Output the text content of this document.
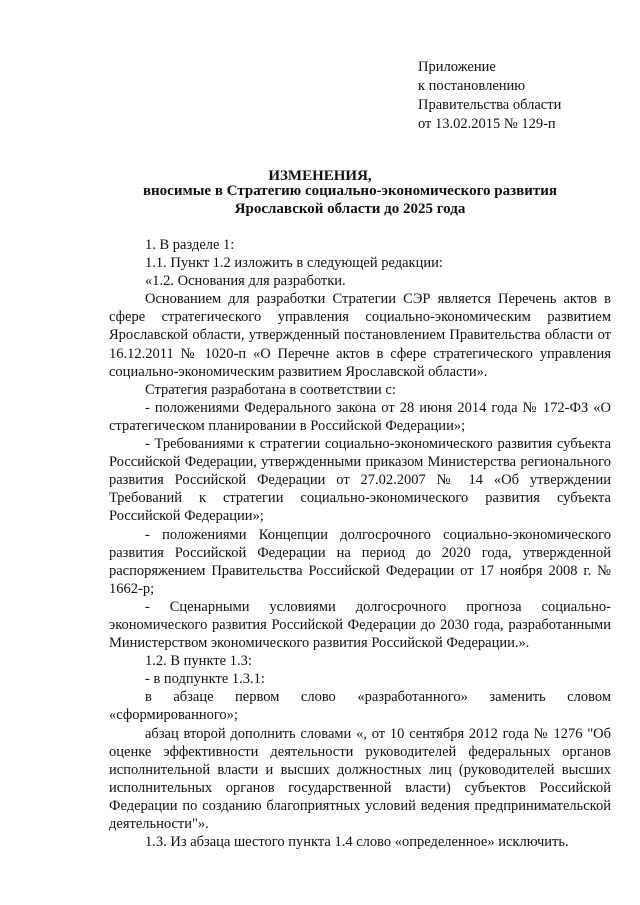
Приложение
к постановлению
Правительства области
от 13.02.2015 № 129-п
ИЗМЕНЕНИЯ,
вносимые в Стратегию социально-экономического развития
Ярославской области до 2025 года
1. В разделе 1:
1.1. Пункт 1.2 изложить в следующей редакции:
«1.2. Основания для разработки.
Основанием для разработки Стратегии СЭР является Перечень актов в сфере стратегического управления социально-экономическим развитием Ярославской области, утвержденный постановлением Правительства области от 16.12.2011 № 1020-п «О Перечне актов в сфере стратегического управления социально-экономическим развитием Ярославской области».
Стратегия разработана в соответствии с:
- положениями Федерального закона от 28 июня 2014 года № 172-ФЗ «О стратегическом планировании в Российской Федерации»;
- Требованиями к стратегии социально-экономического развития субъекта Российской Федерации, утвержденными приказом Министерства регионального развития Российской Федерации от 27.02.2007 № 14 «Об утверждении Требований к стратегии социально-экономического развития субъекта Российской Федерации»;
- положениями Концепции долгосрочного социально-экономического развития Российской Федерации на период до 2020 года, утвержденной распоряжением Правительства Российской Федерации от 17 ноября 2008 г. № 1662-р;
- Сценарными условиями долгосрочного прогноза социально-экономического развития Российской Федерации до 2030 года, разработанными Министерством экономического развития Российской Федерации.».
1.2. В пункте 1.3:
- в подпункте 1.3.1:
в абзаце первом слово «разработанного» заменить словом «сформированного»;
абзац второй дополнить словами «, от 10 сентября 2012 года № 1276 "Об оценке эффективности деятельности руководителей федеральных органов исполнительной власти и высших должностных лиц (руководителей высших исполнительных органов государственной власти) субъектов Российской Федерации по созданию благоприятных условий ведения предпринимательской деятельности"».
1.3. Из абзаца шестого пункта 1.4 слово «определенное» исключить.
